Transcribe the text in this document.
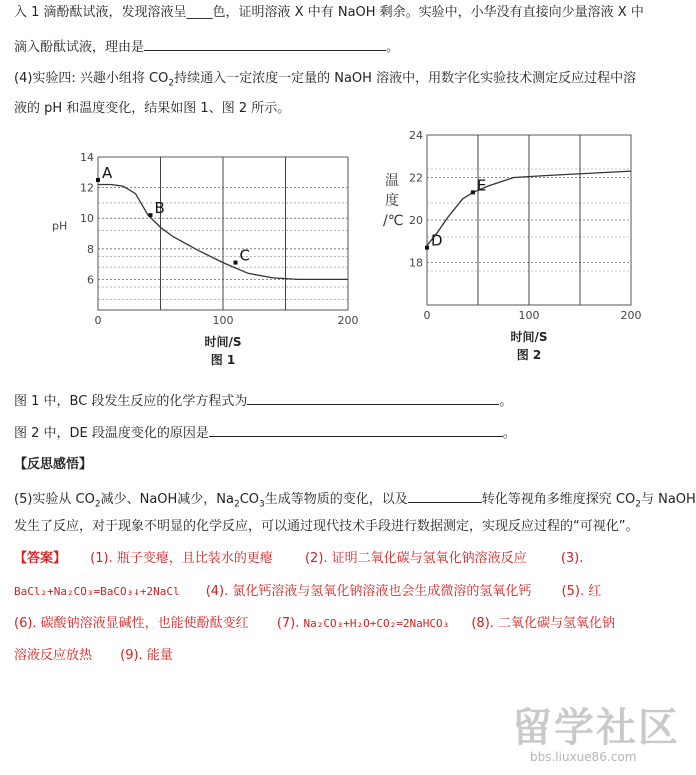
入 1 滴酚酞试液，发现溶液呈____色，证明溶液 X 中有 NaOH 剩余。实验中，小华没有直接向少量溶液 X 中
滴入酚酞试液，理由是	。
(4)实验四: 兴趣小组将 $CO_2$持续通入一定浓度一定量的 NaOH 溶液中，用数字化实验技术测定反应过程中溶
液的 pH 和温度变化，结果如图 1、图 2 所示。
6
8
10
12
14
0	100	200
时间/S
图 1
pH
A
B
C	18
20
22
24
0	100	200
时间/S
图 2
温
度
/℃
D
E
图 1 中，BC 段发生反应的化学方程式为	。
图 2 中，DE 段温度变化的原因是	。
【反思感悟】
(5)实验从 $CO_2$减少、NaOH减少，$Na_2CO_3$生成等物质的变化，以及	转化等视角多维度探究 $CO_2$与 NaOH
发生了反应，对于现象不明显的化学反应，可以通过现代技术手段进行数据测定，实现反应过程的“可视化”。
【答案】 (1). 瓶子变瘪，且比装水的更瘪 (2). 证明二氧化碳与氢氧化钠溶液反应	(3).
BaCl₂+Na₂CO₃=BaCO₃↓+2NaCl (4). 氯化钙溶液与氢氧化钠溶液也会生成微溶的氢氧化钙 (5). 红
(6). 碳酸钠溶液显碱性，也能使酚酞变红 (7). Na₂CO₃+H₂O+CO₂=2NaHCO₃ (8). 二氧化碳与氢氧化钠
溶液反应放热 (9). 能量
留学社区
bbs.liuxue86.com
